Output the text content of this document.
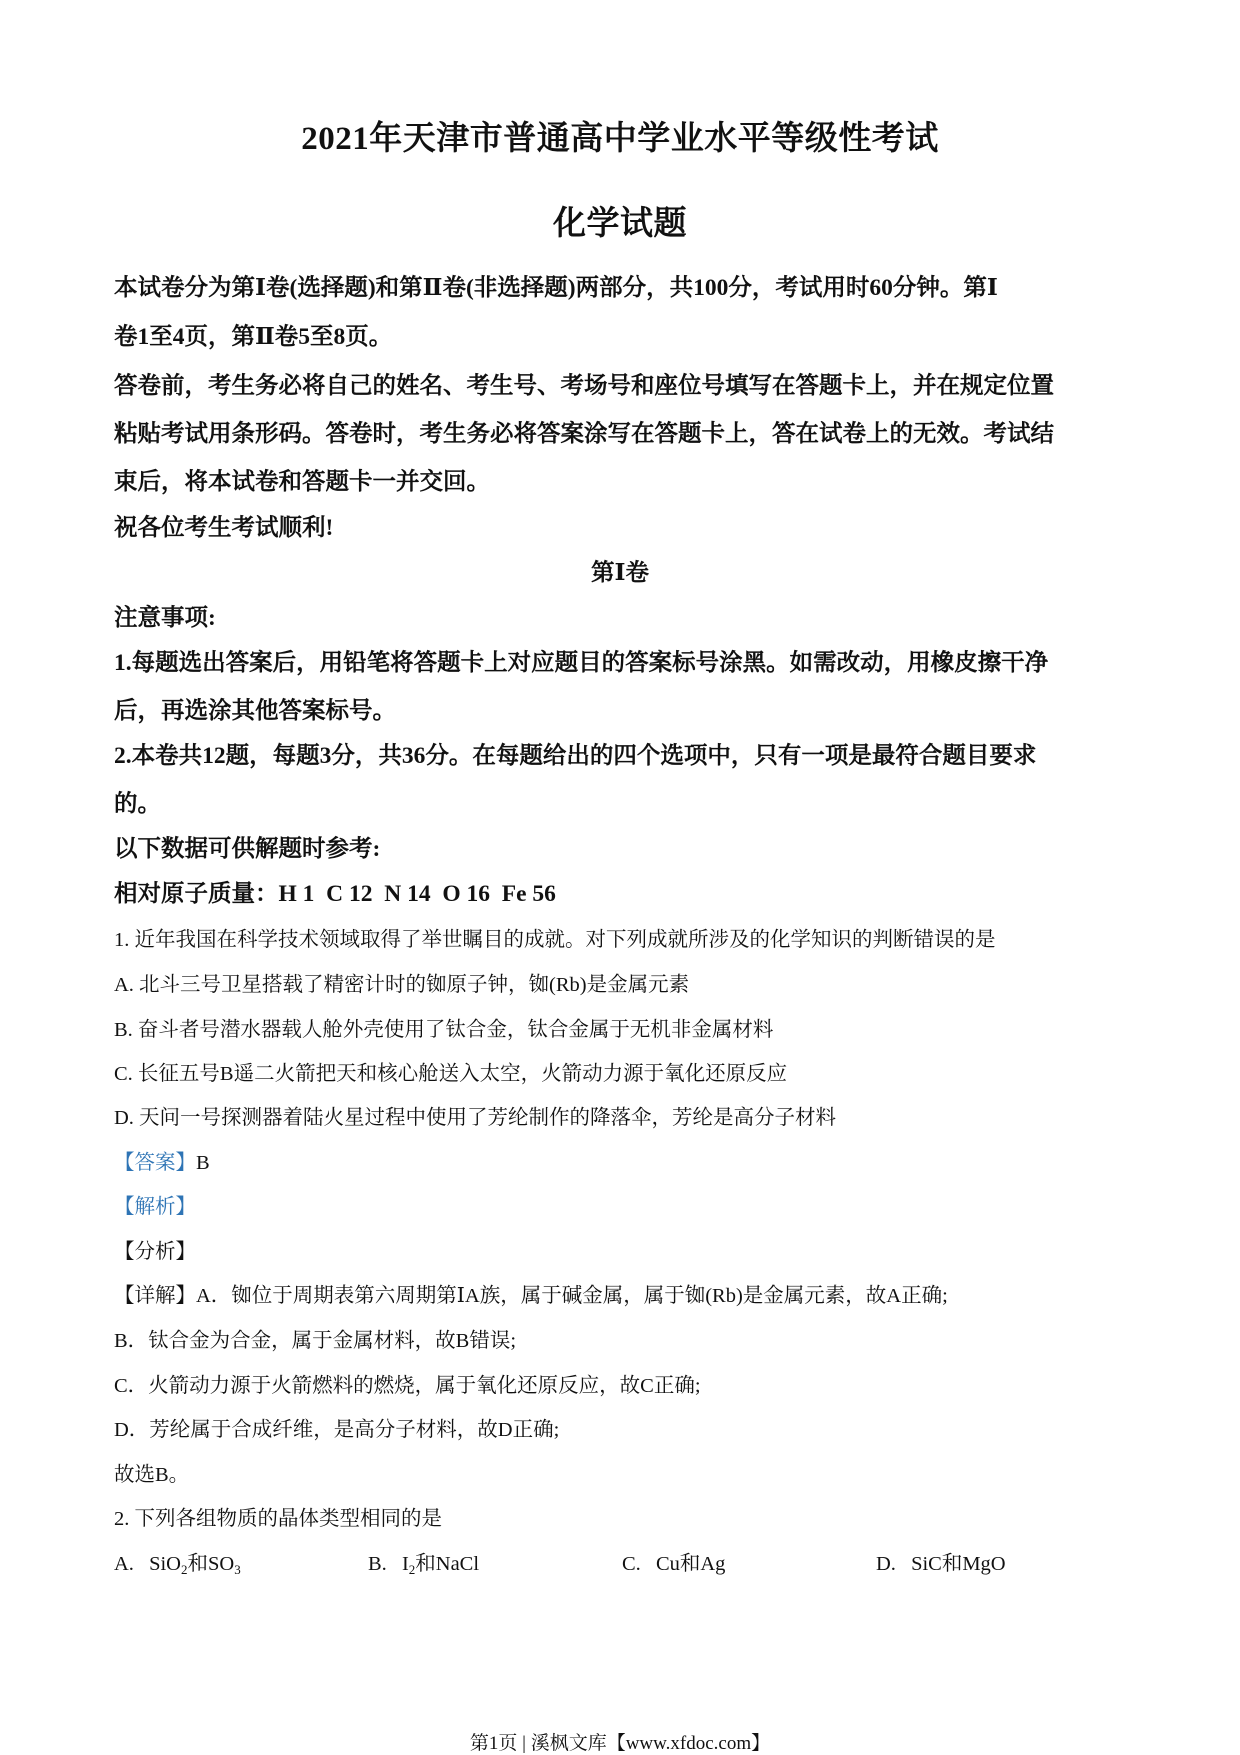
2021年天津市普通高中学业水平等级性考试
化学试题
本试卷分为第Ⅰ卷(选择题)和第Ⅱ卷(非选择题)两部分，共100分，考试用时60分钟。第Ⅰ
卷1至4页，第Ⅱ卷5至8页。
答卷前，考生务必将自己的姓名、考生号、考场号和座位号填写在答题卡上，并在规定位置
粘贴考试用条形码。答卷时，考生务必将答案涂写在答题卡上，答在试卷上的无效。考试结
束后，将本试卷和答题卡一并交回。
祝各位考生考试顺利!
第Ⅰ卷
注意事项:
1.每题选出答案后，用铅笔将答题卡上对应题目的答案标号涂黑。如需改动，用橡皮擦干净
后，再选涂其他答案标号。
2.本卷共12题，每题3分，共36分。在每题给出的四个选项中，只有一项是最符合题目要求
的。
以下数据可供解题时参考:
相对原子质量：H 1  C 12  N 14  O 16  Fe 56
1. 近年我国在科学技术领域取得了举世瞩目的成就。对下列成就所涉及的化学知识的判断错误的是
A. 北斗三号卫星搭载了精密计时的铷原子钟，铷(Rb)是金属元素
B. 奋斗者号潜水器载人舱外壳使用了钛合金，钛合金属于无机非金属材料
C. 长征五号B遥二火箭把天和核心舱送入太空，火箭动力源于氧化还原反应
D. 天问一号探测器着陆火星过程中使用了芳纶制作的降落伞，芳纶是高分子材料
【答案】B
【解析】
【分析】
【详解】A．铷位于周期表第六周期第ⅠA族，属于碱金属，属于铷(Rb)是金属元素，故A正确;
B．钛合金为合金，属于金属材料，故B错误;
C．火箭动力源于火箭燃料的燃烧，属于氧化还原反应，故C正确;
D．芳纶属于合成纤维，是高分子材料，故D正确;
故选B。
2. 下列各组物质的晶体类型相同的是
A. SiO$_2$和$SO_3$	B. $I_2$和NaCl	C. Cu和Ag	D. SiC和MgO
第1页 | 溪枫文库【www.xfdoc.com】
